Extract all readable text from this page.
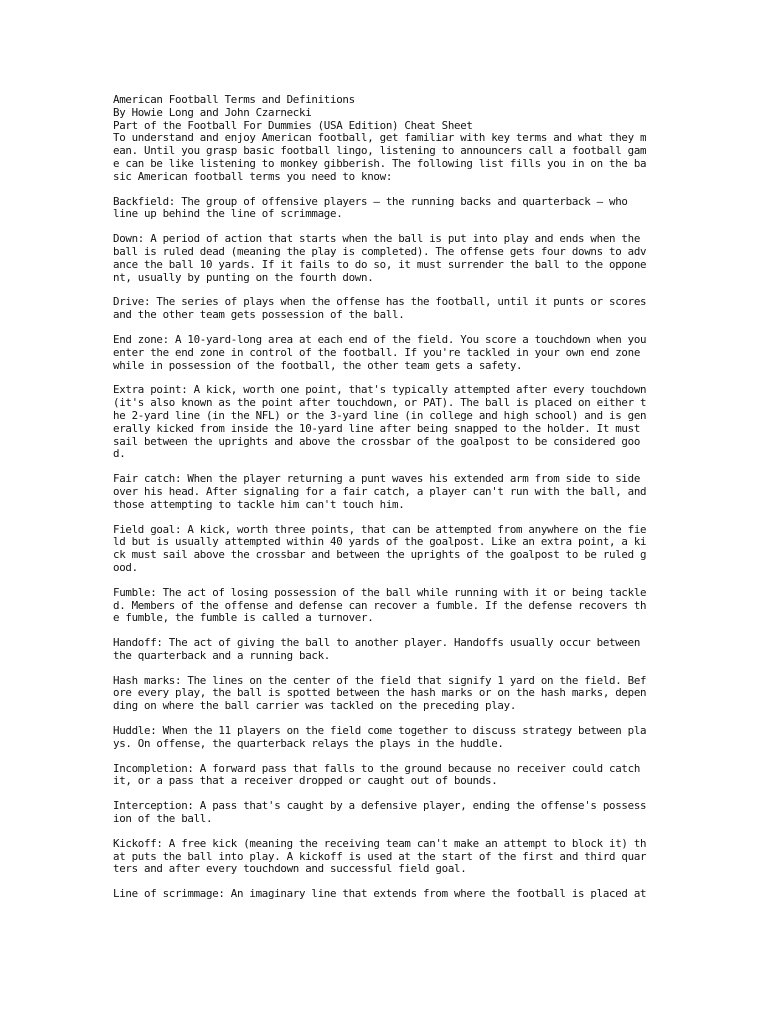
American Football Terms and Definitions
By Howie Long and John Czarnecki
Part of the Football For Dummies (USA Edition) Cheat Sheet
To understand and enjoy American football, get familiar with key terms and what they m
ean. Until you grasp basic football lingo, listening to announcers call a football gam
e can be like listening to monkey gibberish. The following list fills you in on the ba
sic American football terms you need to know:
Backfield: The group of offensive players — the running backs and quarterback — who
line up behind the line of scrimmage.
Down: A period of action that starts when the ball is put into play and ends when the
ball is ruled dead (meaning the play is completed). The offense gets four downs to adv
ance the ball 10 yards. If it fails to do so, it must surrender the ball to the oppone
nt, usually by punting on the fourth down.
Drive: The series of plays when the offense has the football, until it punts or scores
and the other team gets possession of the ball.
End zone: A 10-yard-long area at each end of the field. You score a touchdown when you
enter the end zone in control of the football. If you're tackled in your own end zone
while in possession of the football, the other team gets a safety.
Extra point: A kick, worth one point, that's typically attempted after every touchdown
(it's also known as the point after touchdown, or PAT). The ball is placed on either t
he 2-yard line (in the NFL) or the 3-yard line (in college and high school) and is gen
erally kicked from inside the 10-yard line after being snapped to the holder. It must
sail between the uprights and above the crossbar of the goalpost to be considered goo
d.
Fair catch: When the player returning a punt waves his extended arm from side to side
over his head. After signaling for a fair catch, a player can't run with the ball, and
those attempting to tackle him can't touch him.
Field goal: A kick, worth three points, that can be attempted from anywhere on the fie
ld but is usually attempted within 40 yards of the goalpost. Like an extra point, a ki
ck must sail above the crossbar and between the uprights of the goalpost to be ruled g
ood.
Fumble: The act of losing possession of the ball while running with it or being tackle
d. Members of the offense and defense can recover a fumble. If the defense recovers th
e fumble, the fumble is called a turnover.
Handoff: The act of giving the ball to another player. Handoffs usually occur between
the quarterback and a running back.
Hash marks: The lines on the center of the field that signify 1 yard on the field. Bef
ore every play, the ball is spotted between the hash marks or on the hash marks, depen
ding on where the ball carrier was tackled on the preceding play.
Huddle: When the 11 players on the field come together to discuss strategy between pla
ys. On offense, the quarterback relays the plays in the huddle.
Incompletion: A forward pass that falls to the ground because no receiver could catch
it, or a pass that a receiver dropped or caught out of bounds.
Interception: A pass that's caught by a defensive player, ending the offense's possess
ion of the ball.
Kickoff: A free kick (meaning the receiving team can't make an attempt to block it) th
at puts the ball into play. A kickoff is used at the start of the first and third quar
ters and after every touchdown and successful field goal.
Line of scrimmage: An imaginary line that extends from where the football is placed at
